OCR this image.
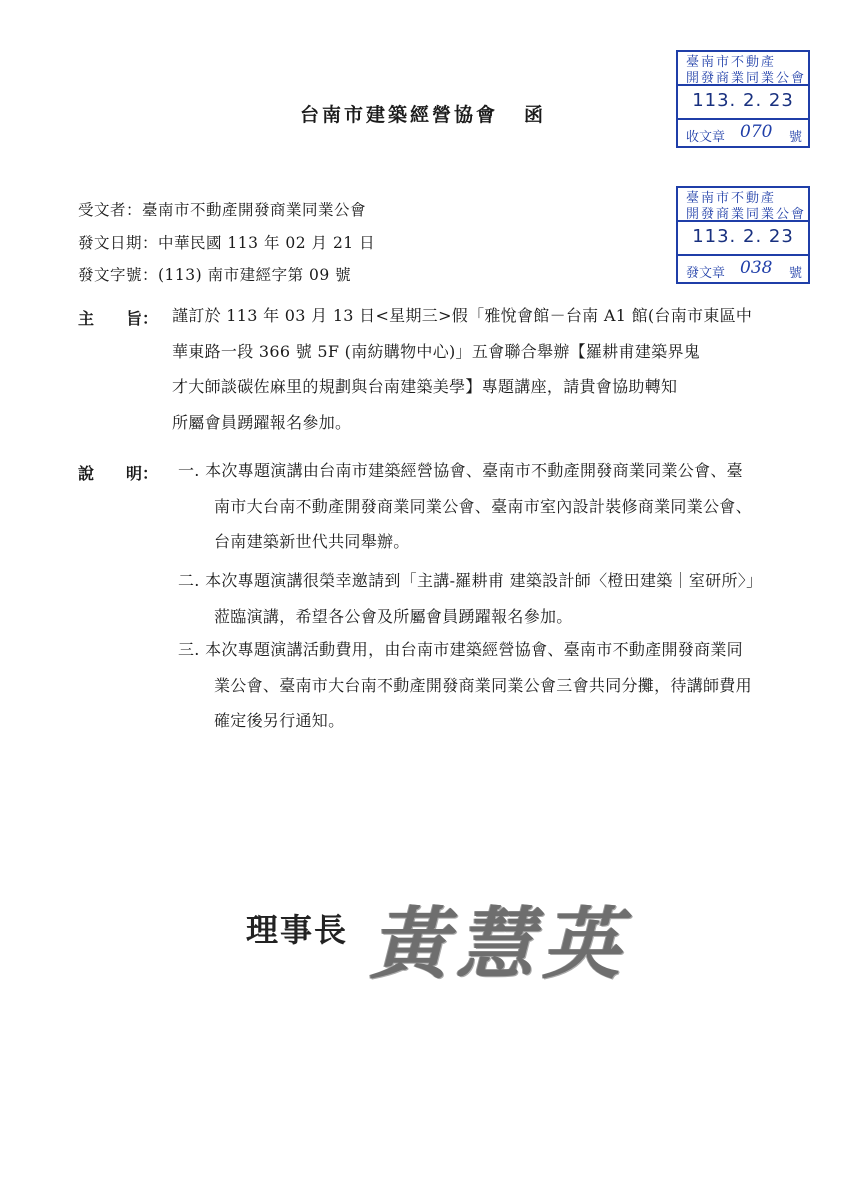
台南市建築經營協會 函
臺南市不動產
開發商業同業公會
113. 2. 23
收文章 070 號
臺南市不動產
開發商業同業公會
113. 2. 23
發文章 038 號
受文者：臺南市不動產開發商業同業公會
發文日期：中華民國 113 年 02 月 21 日
發文字號：(113) 南市建經字第 09 號
主　　旨： 謹訂於 113 年 03 月 13 日<星期三>假「雅悅會館－台南 A1 館(台南市東區中
華東路一段 366 號 5F (南紡購物中心)」五會聯合舉辦【羅耕甫建築界鬼
才大師談碳佐麻里的規劃與台南建築美學】專題講座，請貴會協助轉知
所屬會員踴躍報名參加。
說　　明： 一. 本次專題演講由台南市建築經營協會、臺南市不動產開發商業同業公會、臺
南市大台南不動產開發商業同業公會、臺南市室內設計裝修商業同業公會、
台南建築新世代共同舉辦。
二. 本次專題演講很榮幸邀請到「主講-羅耕甫 建築設計師〈橙田建築｜室研所〉」
蒞臨演講，希望各公會及所屬會員踴躍報名參加。
三. 本次專題演講活動費用，由台南市建築經營協會、臺南市不動產開發商業同
業公會、臺南市大台南不動產開發商業同業公會三會共同分攤，待講師費用
確定後另行通知。
理事長 黃慧英
